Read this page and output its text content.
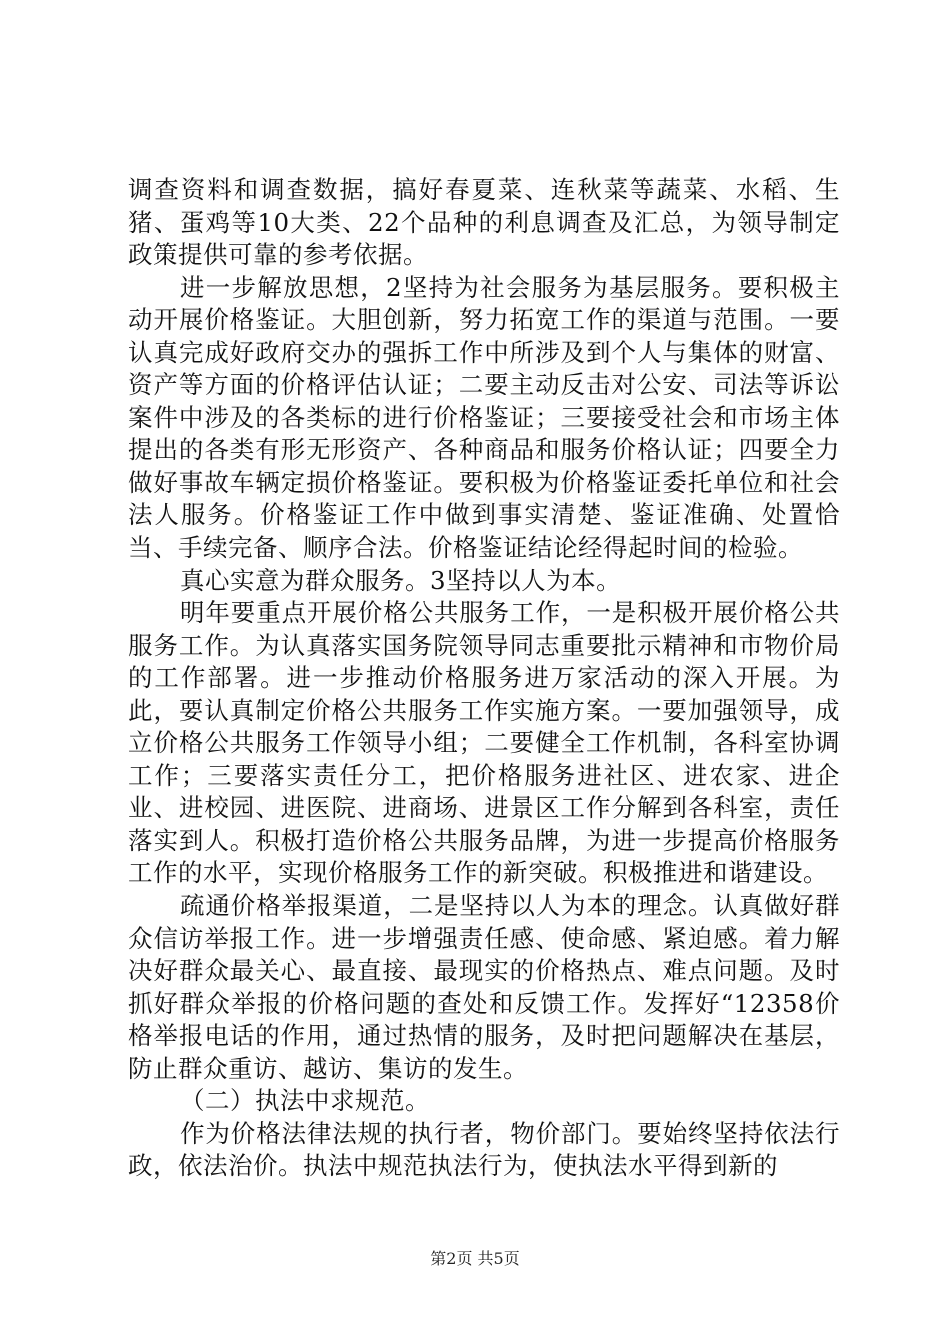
调查资料和调查数据，搞好春夏菜、连秋菜等蔬菜、水稻、生猪、蛋鸡等10大类、22个品种的利息调查及汇总，为领导制定政策提供可靠的参考依据。

进一步解放思想，2坚持为社会服务为基层服务。要积极主动开展价格鉴证。大胆创新，努力拓宽工作的渠道与范围。一要认真完成好政府交办的强拆工作中所涉及到个人与集体的财富、资产等方面的价格评估认证；二要主动反击对公安、司法等诉讼案件中涉及的各类标的进行价格鉴证；三要接受社会和市场主体提出的各类有形无形资产、各种商品和服务价格认证；四要全力做好事故车辆定损价格鉴证。要积极为价格鉴证委托单位和社会法人服务。价格鉴证工作中做到事实清楚、鉴证准确、处置恰当、手续完备、顺序合法。价格鉴证结论经得起时间的检验。

真心实意为群众服务。3坚持以人为本。

明年要重点开展价格公共服务工作，一是积极开展价格公共服务工作。为认真落实国务院领导同志重要批示精神和市物价局的工作部署。进一步推动价格服务进万家活动的深入开展。为此，要认真制定价格公共服务工作实施方案。一要加强领导，成立价格公共服务工作领导小组；二要健全工作机制，各科室协调工作；三要落实责任分工，把价格服务进社区、进农家、进企业、进校园、进医院、进商场、进景区工作分解到各科室，责任落实到人。积极打造价格公共服务品牌，为进一步提高价格服务工作的水平，实现价格服务工作的新突破。积极推进和谐建设。

疏通价格举报渠道，二是坚持以人为本的理念。认真做好群众信访举报工作。进一步增强责任感、使命感、紧迫感。着力解决好群众最关心、最直接、最现实的价格热点、难点问题。及时抓好群众举报的价格问题的查处和反馈工作。发挥好“12358价格举报电话的作用，通过热情的服务，及时把问题解决在基层，防止群众重访、越访、集访的发生。

（二）执法中求规范。

作为价格法律法规的执行者，物价部门。要始终坚持依法行政，依法治价。执法中规范执法行为，使执法水平得到新的

第2页 共5页
